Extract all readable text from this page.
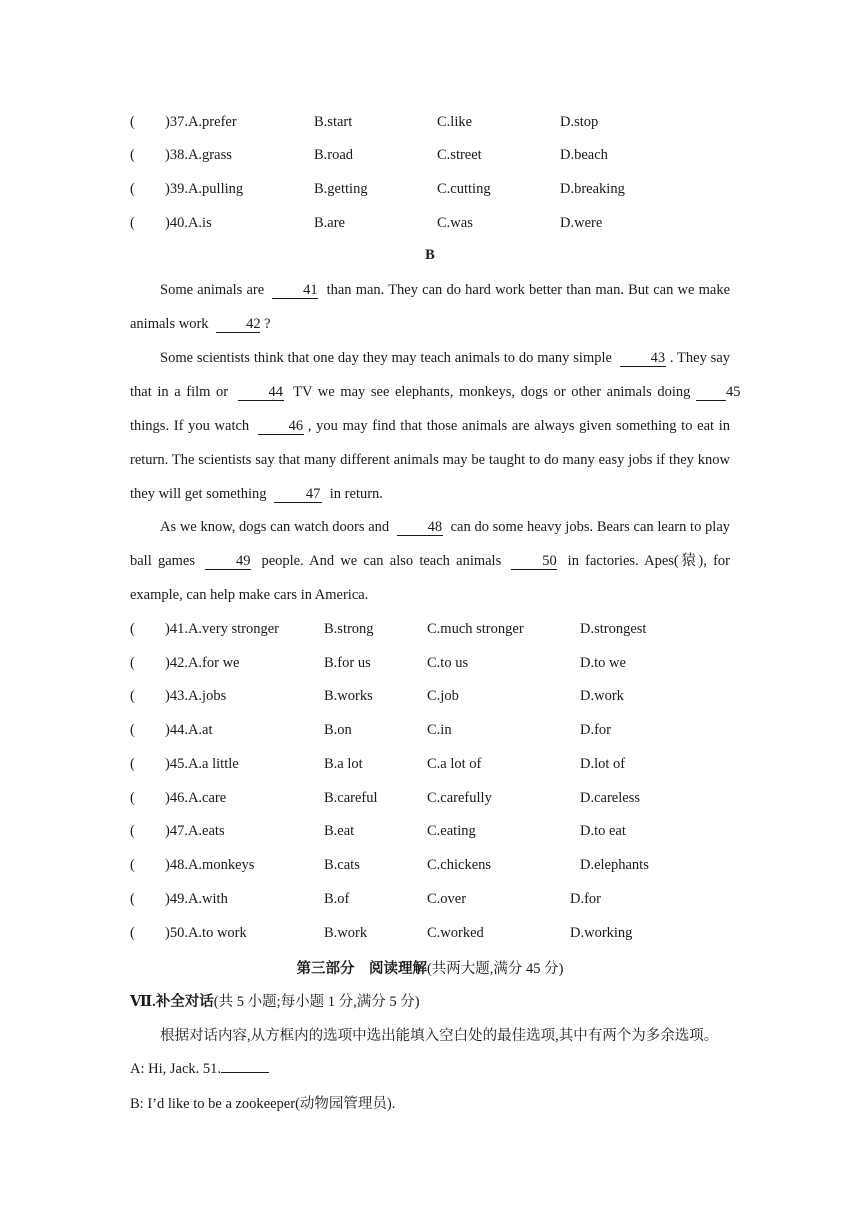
( )37.A.prefer	B.start	C.like	D.stop
( )38.A.grass	B.road	C.street	D.beach
( )39.A.pulling	B.getting	C.cutting	D.breaking
( )40.A.is	B.are	C.was	D.were
B
Some animals are	41 than man. They can do hard work better than man. But can we make animals work	42 ?
Some scientists think that one day they may teach animals to do many simple	43 . They say that in a film or	44 TV we may see elephants, monkeys, dogs or other animals doing 45 things. If you watch	46 , you may find that those animals are always given something to eat in return. The scientists say that many different animals may be taught to do many easy jobs if they know they will get something	47 in return.
As we know, dogs can watch doors and	48 can do some heavy jobs. Bears can learn to play ball games	49 people. And we can also teach animals	50 in factories. Apes(猿), for example, can help make cars in America.
( )41.A.very stronger	B.strong	C.much stronger	D.strongest
( )42.A.for we	B.for us	C.to us	D.to we
( )43.A.jobs	B.works	C.job	D.work
( )44.A.at	B.on	C.in	D.for
( )45.A.a little	B.a lot	C.a lot of	D.lot of
( )46.A.care	B.careful	C.carefully	D.careless
( )47.A.eats	B.eat	C.eating	D.to eat
( )48.A.monkeys	B.cats	C.chickens	D.elephants
( )49.A.with	B.of	C.over	D.for
( )50.A.to work	B.work	C.worked	D.working
第三部分　阅读理解(共两大题,满分 45 分)
Ⅶ.补全对话(共 5 小题;每小题 1 分,满分 5 分)
根据对话内容,从方框内的选项中选出能填入空白处的最佳选项,其中有两个为多余选项。
A: Hi, Jack. 51.
B: I’d like to be a zookeeper(动物园管理员).
